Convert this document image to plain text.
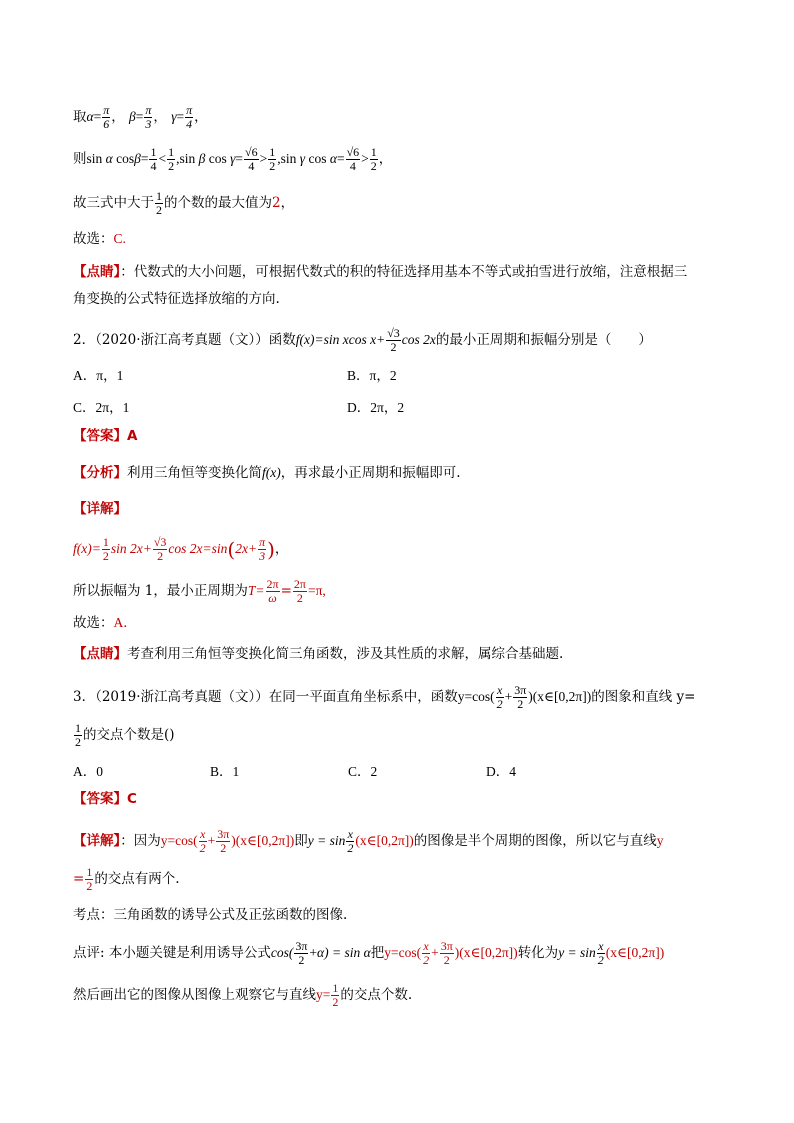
取$\alpha= \frac{\pi}{6}$ ， $\beta= \frac{\pi}{3}$ ， $\gamma= \frac{\pi}{4}$ ，
则sin α $\cos\beta= \frac{1}{4} < \frac{1}{2} ,\sin$ β $\cos \gamma= \frac{√6}{4} > \frac{1}{2} ,\sin$ γ $\cos \alpha= \frac{√6}{4} > \frac{1}{2}$ ，
故三式中大于 $\frac{1}{2}$ 的个数的最大值为2，
故选：C.
【点睛】：代数式的大小问题，可根据代数式的积的特征选择用基本不等式或拍雪进行放缩，注意根据三
角变换的公式特征选择放缩的方向.
2．（2020·浙江高考真题（文））函数f(x)=sin xcos $x+ \frac{√3}{2}$ cos 2x的最小正周期和振幅分别是（　　）
A．π，1	B．π，2
C．2π，1	D．2π，2
【答案】A
【分析】利用三角恒等变换化简f(x)，再求最小正周期和振幅即可.
【详解】
$f(x)= \frac{1}{2}$ $\sin 2x+ \frac{√3}{2}$ $\cos 2x=\sin(2x+ \frac{\pi}{3}$ )，
所以振幅为 1，最小正周期为$T= \frac{2\pi}{\omega} = \frac{2\pi}{2} =\pi$,
故选：A．
【点睛】考查利用三角恒等变换化简三角函数，涉及其性质的求解，属综合基础题.
3．（2019·浙江高考真题（文））在同一平面直角坐标系中，函数$y=\cos( \frac{x}{2} + \frac{3\pi}{2}$ )(x∈[0,2π])的图象和直线 y=
$\frac{1}{2}$ 的交点个数是()
A．0	B．1	C．2	D．4
【答案】C
【详解】：因为$y=\cos( \frac{x}{2} + \frac{3\pi}{2}$ )(x∈[0,2π])即$y = \sin \frac{x}{2}$ (x∈[0,2π])的图像是半个周期的图像，所以它与直线y
= $\frac{1}{2}$ 的交点有两个.
考点：三角函数的诱导公式及正弦函数的图像.
点评: 本小题关键是利用诱导公式$\cos( \frac{3\pi}{2} +\alpha) = \sin \alpha$把$y=\cos( \frac{x}{2} + \frac{3\pi}{2}$ )(x∈[0,2π])转化为$y = \sin \frac{x}{2}$ (x∈[0,2π])
然后画出它的图像从图像上观察它与直线$y= \frac{1}{2}$ 的交点个数.
